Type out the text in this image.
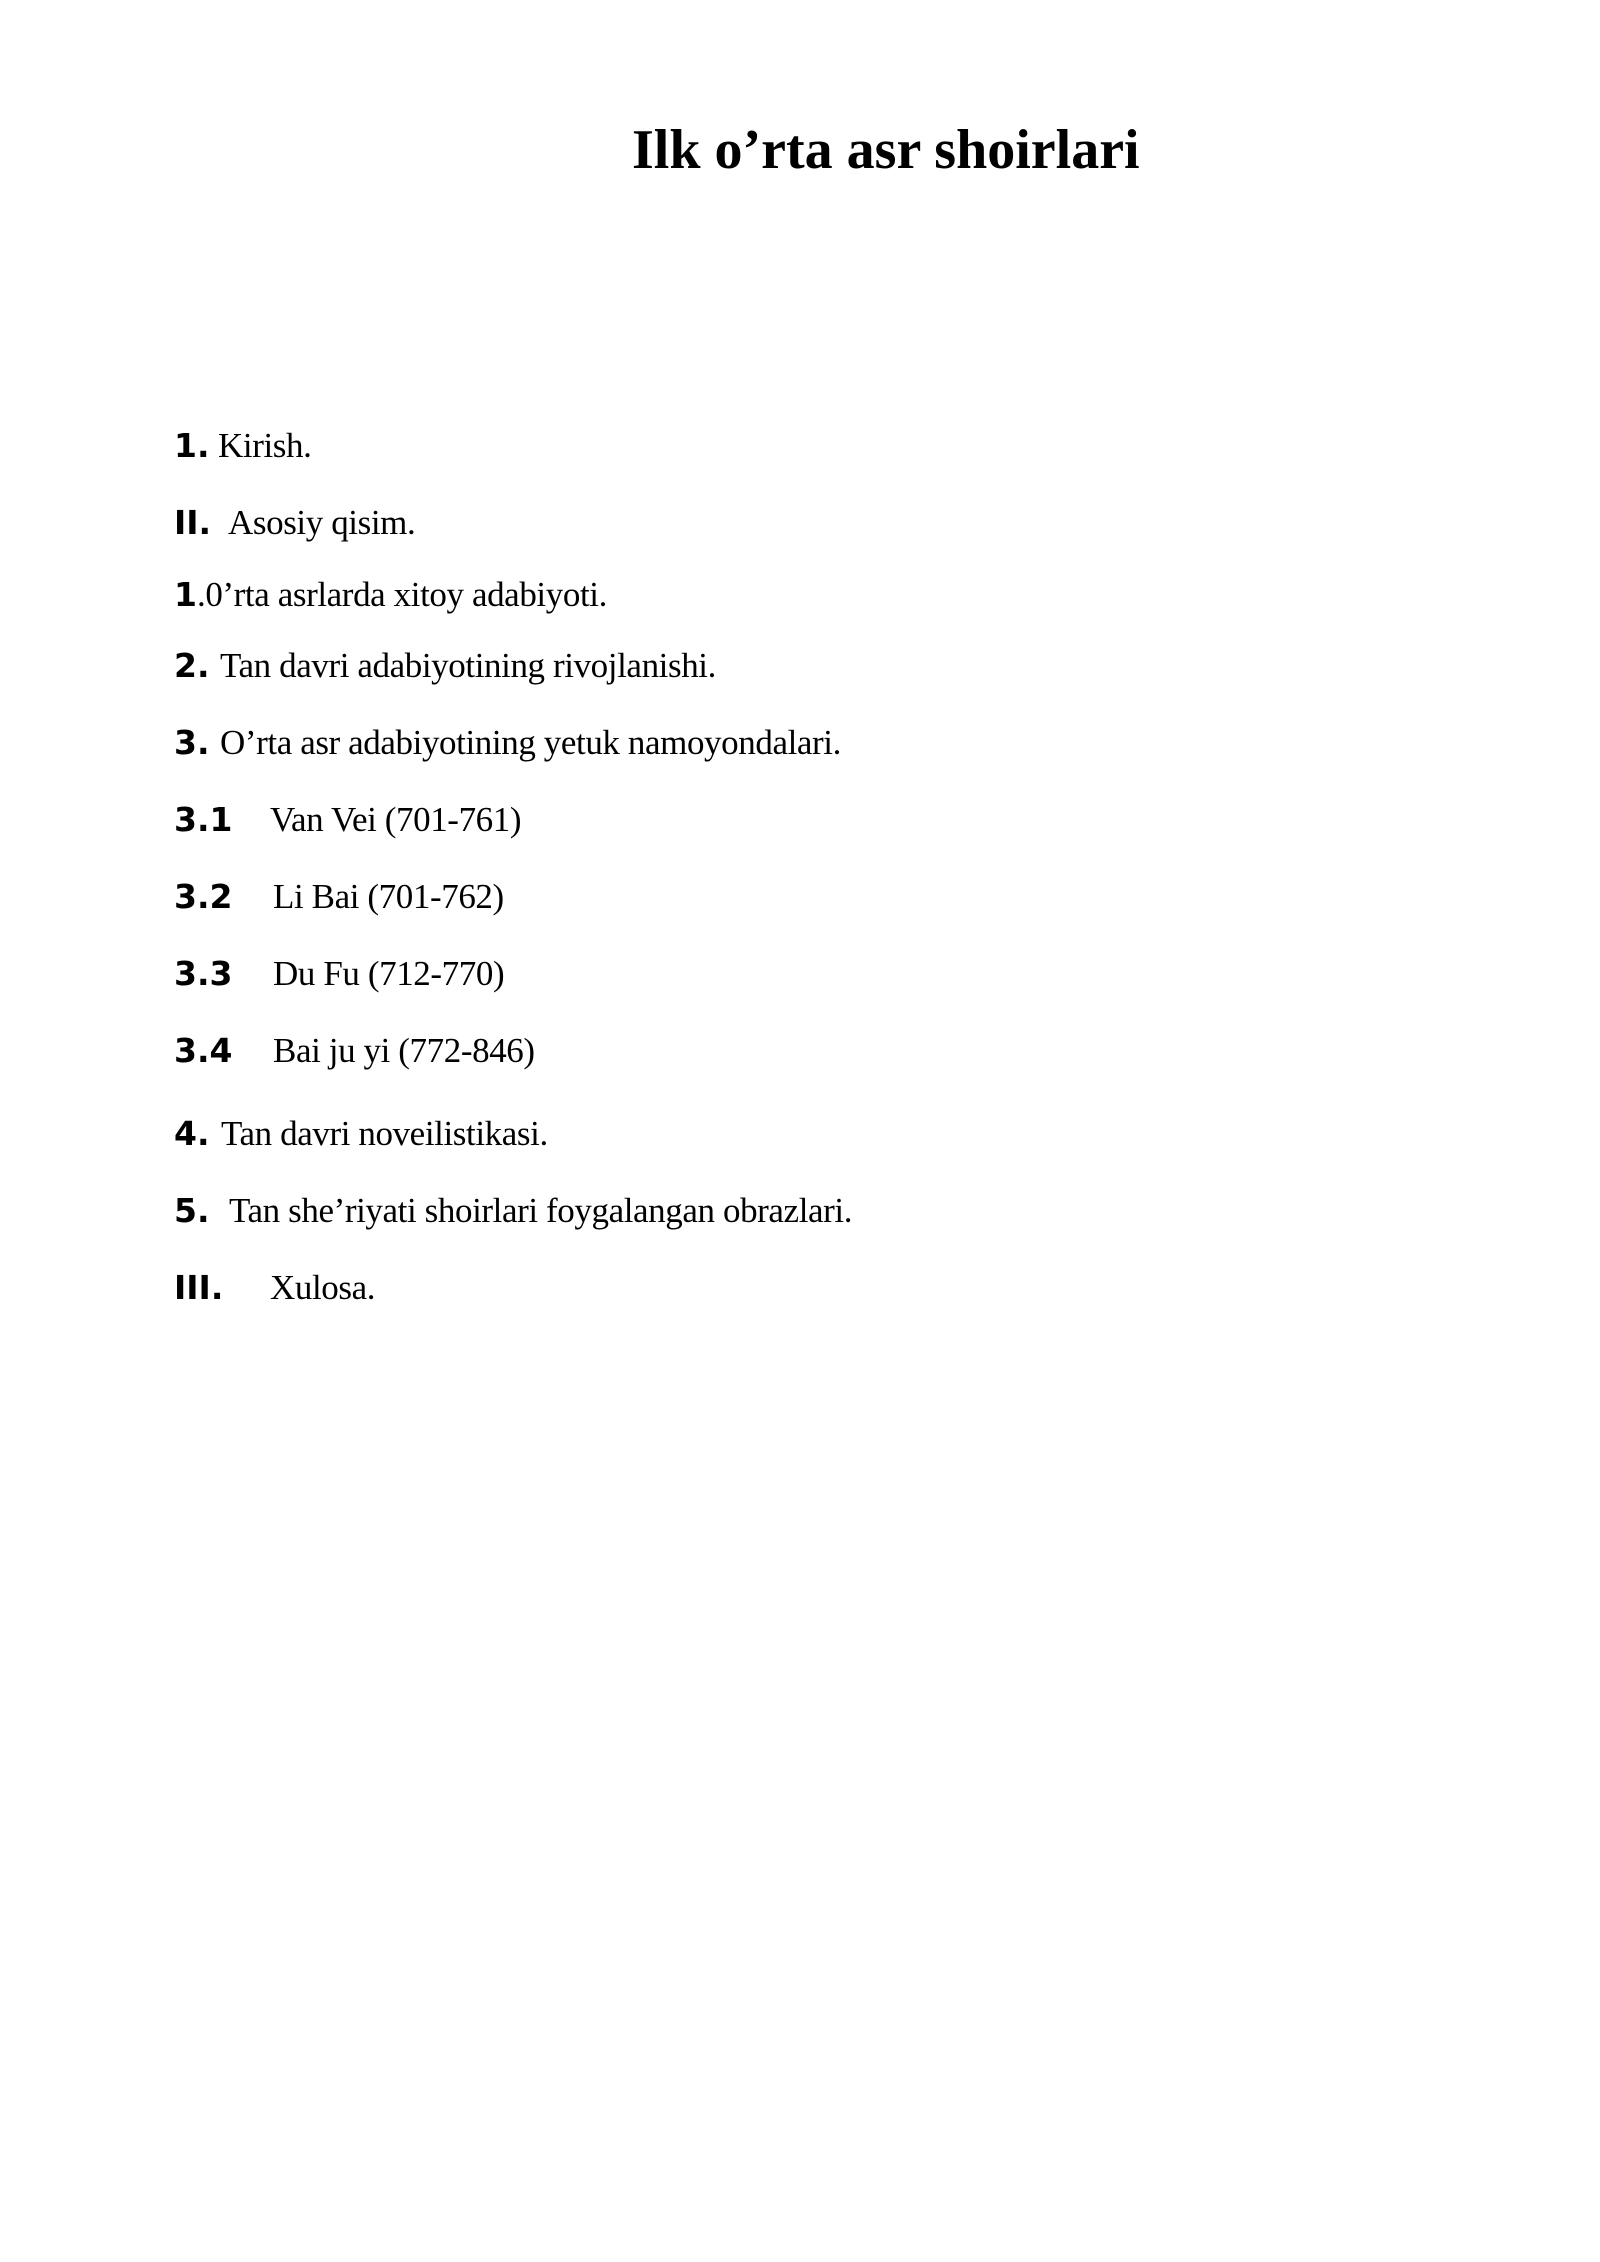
Ilk o’rta asr shoirlari
1. Kirish.
II. Asosiy qisim.
1.0’rta asrlarda xitoy adabiyoti.
2. Tan davri adabiyotining rivojlanishi.
3. O’rta asr adabiyotining yetuk namoyondalari.
3.1 Van Vei (701-761)
3.2 Li Bai (701-762)
3.3 Du Fu (712-770)
3.4 Bai ju yi (772-846)
4. Tan davri noveilistikasi.
5. Tan she’riyati shoirlari foygalangan obrazlari.
III. Xulosa.
